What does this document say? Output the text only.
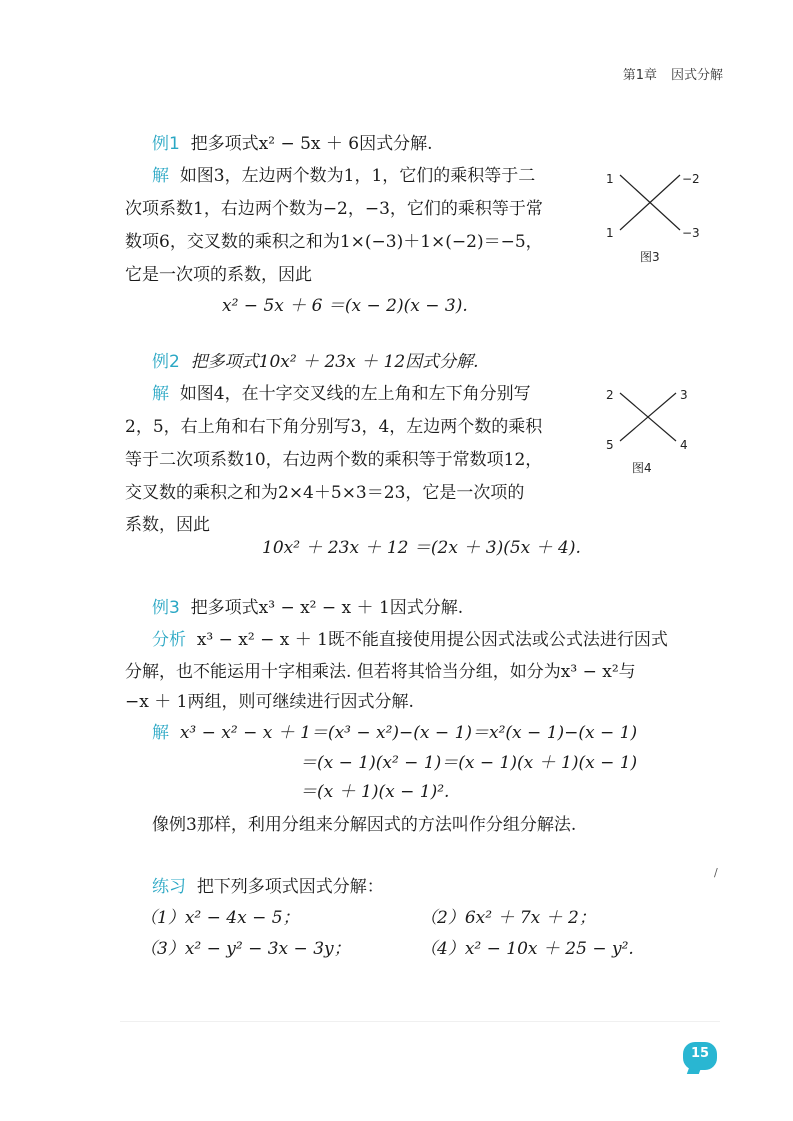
第1章 因式分解
例1 把多项式x² − 5x ＋ 6因式分解.
解 如图3，左边两个数为1，1，它们的乘积等于二
次项系数1，右边两个数为−2，−3，它们的乘积等于常
数项6，交叉数的乘积之和为1×(−3)＋1×(−2)＝−5，
它是一次项的系数，因此
x² − 5x ＋ 6 ＝(x − 2)(x − 3).
1
1
−2
−3
图3
例2 把多项式10x² ＋ 23x ＋ 12因式分解.
解 如图4，在十字交叉线的左上角和左下角分别写
2，5，右上角和右下角分别写3，4，左边两个数的乘积
等于二次项系数10，右边两个数的乘积等于常数项12，
交叉数的乘积之和为2×4＋5×3＝23，它是一次项的
系数，因此
10x² ＋ 23x ＋ 12 ＝(2x ＋ 3)(5x ＋ 4).
2
5
3
4
图4
例3 把多项式x³ − x² − x ＋ 1因式分解.
分析 x³ − x² − x ＋ 1既不能直接使用提公因式法或公式法进行因式
分解，也不能运用十字相乘法. 但若将其恰当分组，如分为x³ − x²与
−x ＋ 1两组，则可继续进行因式分解.
解 x³ − x² − x ＋ 1＝(x³ − x²)−(x − 1)＝x²(x − 1)−(x − 1)
＝(x − 1)(x² − 1)＝(x − 1)(x ＋ 1)(x − 1)
＝(x ＋ 1)(x − 1)².
像例3那样，利用分组来分解因式的方法叫作分组分解法.
练习 把下列多项式因式分解：
（1）x² − 4x − 5；	（2）6x² ＋ 7x ＋ 2；
（3）x² − y² − 3x − 3y；	（4）x² − 10x ＋ 25 − y².
/
15
